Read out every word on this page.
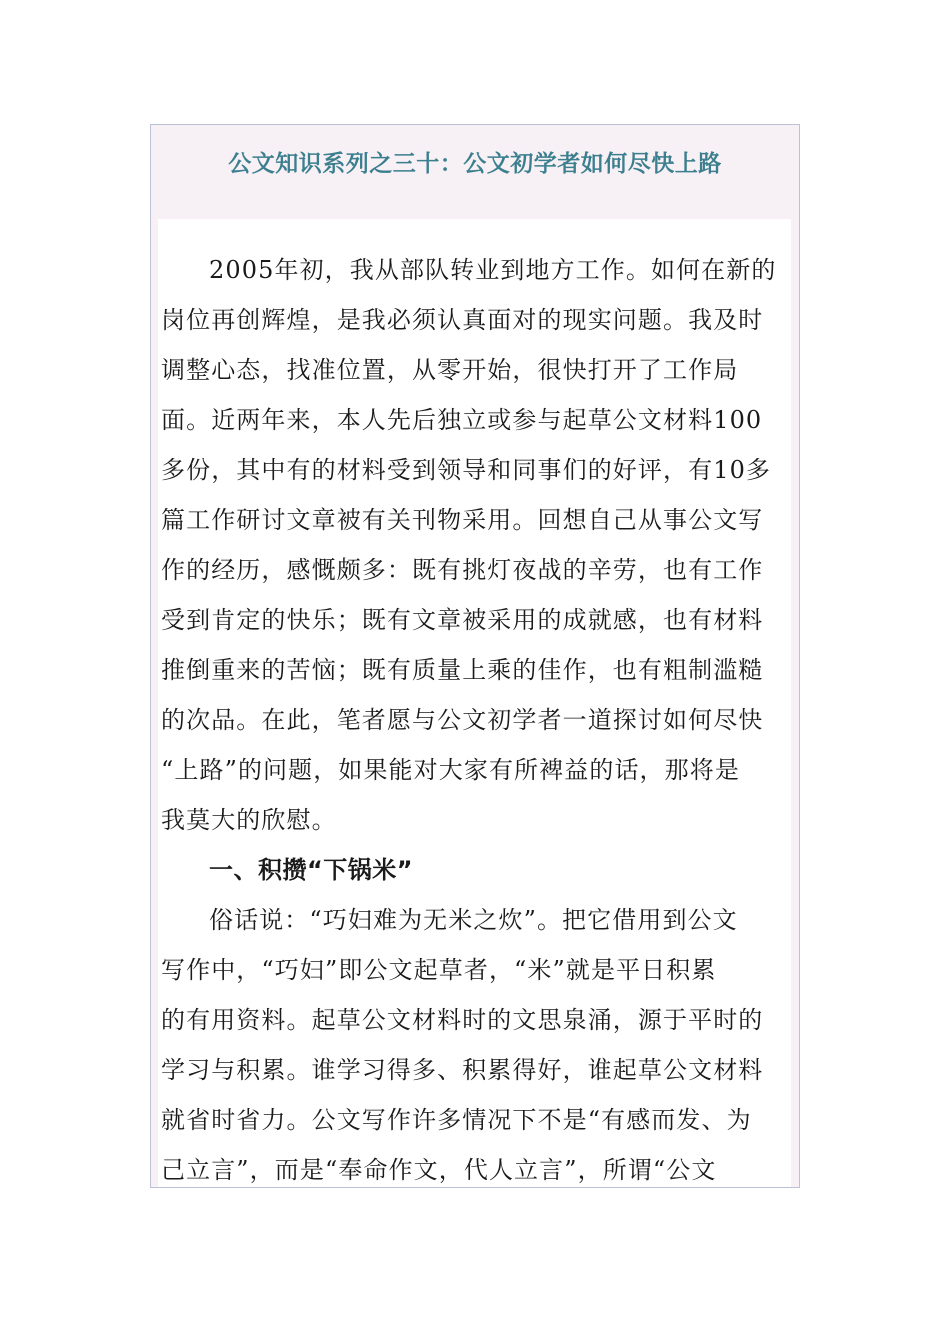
公文知识系列之三十：公文初学者如何尽快上路
2005年初，我从部队转业到地方工作。如何在新的
岗位再创辉煌，是我必须认真面对的现实问题。我及时
调整心态，找准位置，从零开始，很快打开了工作局
面。近两年来，本人先后独立或参与起草公文材料100
多份，其中有的材料受到领导和同事们的好评，有10多
篇工作研讨文章被有关刊物采用。回想自己从事公文写
作的经历，感慨颇多：既有挑灯夜战的辛劳，也有工作
受到肯定的快乐；既有文章被采用的成就感，也有材料
推倒重来的苦恼；既有质量上乘的佳作，也有粗制滥糙
的次品。在此，笔者愿与公文初学者一道探讨如何尽快
“上路”的问题，如果能对大家有所裨益的话，那将是
我莫大的欣慰。
一、积攒“下锅米”
俗话说：“巧妇难为无米之炊”。把它借用到公文
写作中，“巧妇”即公文起草者，“米”就是平日积累
的有用资料。起草公文材料时的文思泉涌，源于平时的
学习与积累。谁学习得多、积累得好，谁起草公文材料
就省时省力。公文写作许多情况下不是“有感而发、为
己立言”，而是“奉命作文，代人立言”，所谓“公文
